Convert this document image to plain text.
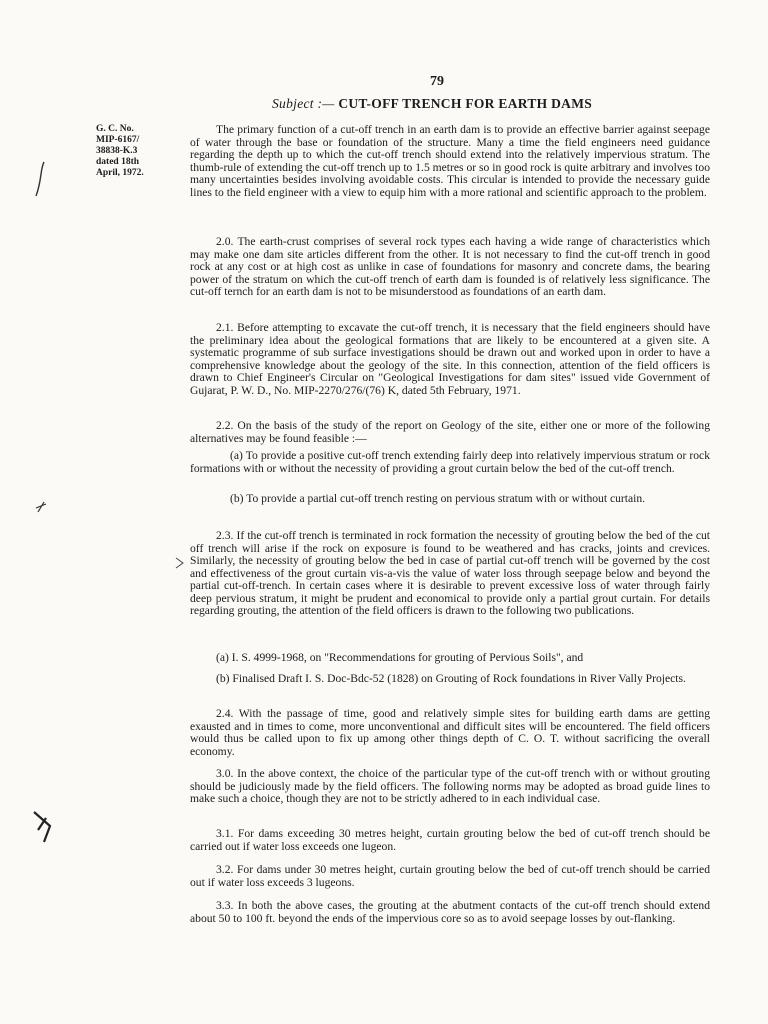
79
Subject :— CUT-OFF TRENCH FOR EARTH DAMS
G. C. No.
MIP-6167/
38838-K.3
dated 18th
April, 1972.

The primary function of a cut-off trench in an earth dam is to provide an effective barrier against seepage of water through the base or foundation of the structure. Many a time the field engineers need guidance regarding the depth up to which the cut-off trench should extend into the relatively impervious stratum. The thumb-rule of extending the cut-off trench up to 1.5 metres or so in good rock is quite arbitrary and involves too many uncertainties besides involving avoidable costs. This circular is intended to provide the necessary guide lines to the field engineer with a view to equip him with a more rational and scientific approach to the problem.

2.0. The earth-crust comprises of several rock types each having a wide range of characteristics which may make one dam site articles different from the other. It is not necessary to find the cut-off trench in good rock at any cost or at high cost as unlike in case of foundations for masonry and concrete dams, the bearing power of the stratum on which the cut-off trench of earth dam is founded is of relatively less significance. The cut-off ternch for an earth dam is not to be misunderstood as foundations of an earth dam.

2.1. Before attempting to excavate the cut-off trench, it is necessary that the field engineers should have the preliminary idea about the geological formations that are likely to be encountered at a given site. A systematic programme of sub surface investigations should be drawn out and worked upon in order to have a comprehensive knowledge about the geology of the site. In this connection, attention of the field officers is drawn to Chief Engineer's Circular on "Geological Investigations for dam sites" issued vide Government of Gujarat, P. W. D., No. MIP-2270/276/(76) K, dated 5th February, 1971.

2.2. On the basis of the study of the report on Geology of the site, either one or more of the following alternatives may be found feasible :—

(a) To provide a positive cut-off trench extending fairly deep into relatively impervious stratum or rock formations with or without the necessity of providing a grout curtain below the bed of the cut-off trench.

(b) To provide a partial cut-off trench resting on pervious stratum with or without curtain.

2.3. If the cut-off trench is terminated in rock formation the necessity of grouting below the bed of the cut off trench will arise if the rock on exposure is found to be weathered and has cracks, joints and crevices. Similarly, the necessity of grouting below the bed in case of partial cut-off trench will be governed by the cost and effectiveness of the grout curtain vis-a-vis the value of water loss through seepage below and beyond the partial cut-off-trench. In certain cases where it is desirable to prevent excessive loss of water through fairly deep pervious stratum, it might be prudent and economical to provide only a partial grout curtain. For details regarding grouting, the attention of the field officers is drawn to the following two publications.

(a) I. S. 4999-1968, on "Recommendations for grouting of Pervious Soils", and

(b) Finalised Draft I. S. Doc-Bdc-52 (1828) on Grouting of Rock foundations in River Vally Projects.

2.4. With the passage of time, good and relatively simple sites for building earth dams are getting exausted and in times to come, more unconventional and difficult sites will be encountered. The field officers would thus be called upon to fix up among other things depth of C. O. T. without sacrificing the overall economy.

3.0. In the above context, the choice of the particular type of the cut-off trench with or without grouting should be judiciously made by the field officers. The following norms may be adopted as broad guide lines to make such a choice, though they are not to be strictly adhered to in each individual case.

3.1. For dams exceeding 30 metres height, curtain grouting below the bed of cut-off trench should be carried out if water loss exceeds one lugeon.

3.2. For dams under 30 metres height, curtain grouting below the bed of cut-off trench should be carried out if water loss exceeds 3 lugeons.

3.3. In both the above cases, the grouting at the abutment contacts of the cut-off trench should extend about 50 to 100 ft. beyond the ends of the impervious core so as to avoid seepage losses by out-flanking.
